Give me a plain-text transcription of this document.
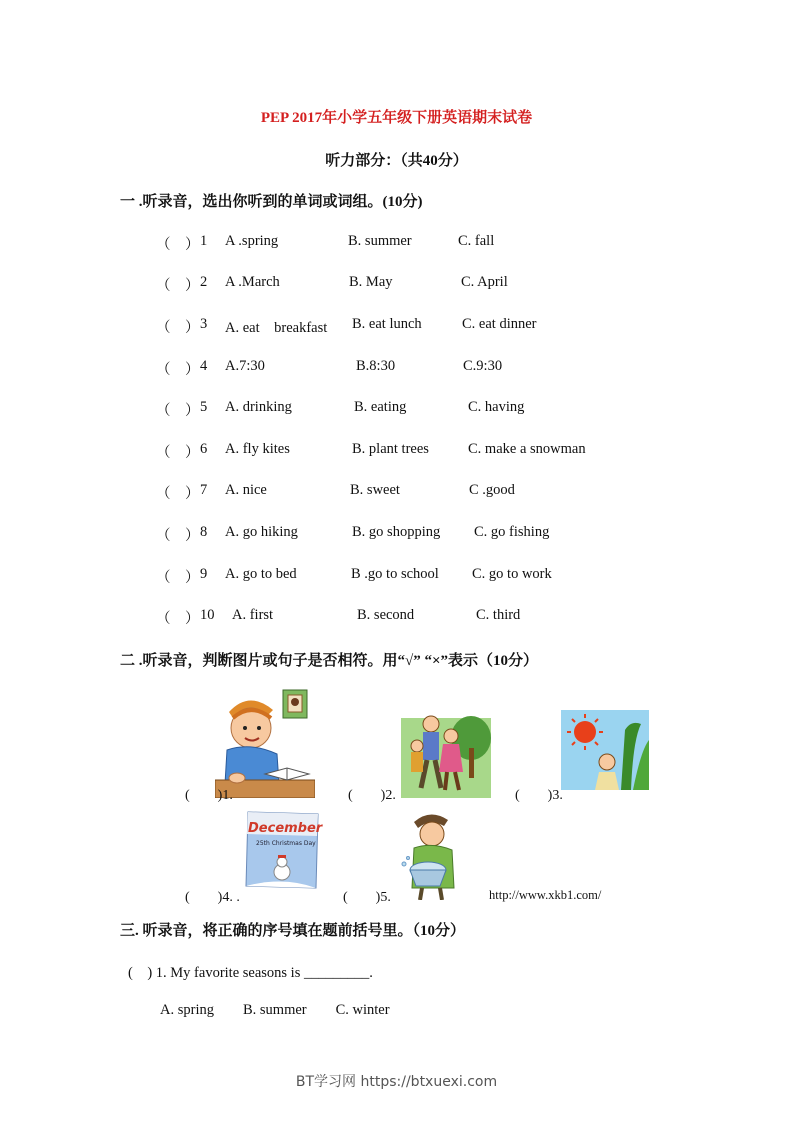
PEP 2017年小学五年级下册英语期末试卷
听力部分：（共40分）
一 .听录音，选出你听到的单词或词组。(10分)
（　） 1 A .spring	B. summer	C. fall
（　） 2 A .March	B. May	C. April
（　） 3 A. eat　breakfast B. eat lunch	C. eat dinner
（　） 4 A.7:30	B.8:30	C.9:30
（　） 5 A. drinking	B. eating	C. having
（　） 6 A. fly kites	B. plant trees	C. make a snowman
（　） 7 A. nice	B. sweet	C .good
（　） 8 A. go hiking	B. go shopping C. go fishing
（　） 9 A. go to bed	B .go to school C. go to work
（　） 10 A. first	B. second	C. third
二 .听录音，判断图片或句子是否相符。用“√” “×”表示（10分）
(　　)1.	(　　)2.	(　　)3.
December
25th Christmas Day
(　　)4. .	(　　)5.	http://www.xkb1.com/
三. 听录音，将正确的序号填在题前括号里。（10分）
(　) 1. My favorite seasons is _________.
A. spring　　B. summer　　C. winter
BT学习网 https://btxuexi.com
